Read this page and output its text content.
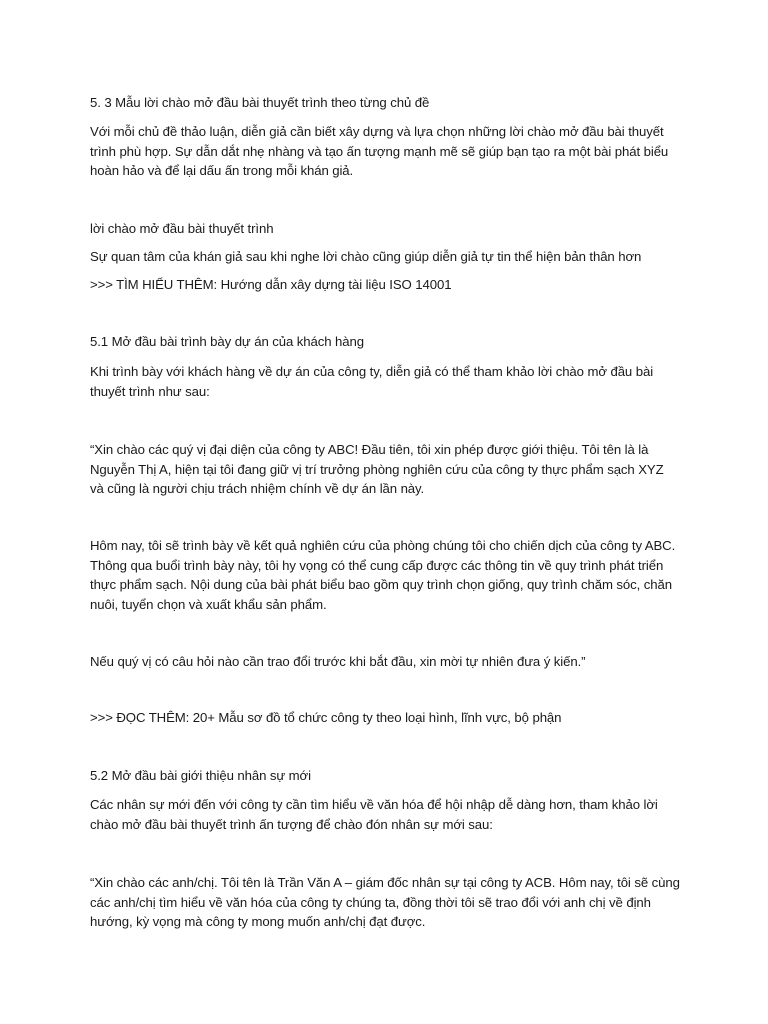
5. 3 Mẫu lời chào mở đầu bài thuyết trình theo từng chủ đề

Với mỗi chủ đề thảo luận, diễn giả cần biết xây dựng và lựa chọn những lời chào mở đầu bài thuyết trình phù hợp. Sự dẫn dắt nhẹ nhàng và tạo ấn tượng mạnh mẽ sẽ giúp bạn tạo ra một bài phát biểu hoàn hảo và để lại dấu ấn trong mỗi khán giả.

lời chào mở đầu bài thuyết trình

Sự quan tâm của khán giả sau khi nghe lời chào cũng giúp diễn giả tự tin thể hiện bản thân hơn

>>> TÌM HIỂU THÊM: Hướng dẫn xây dựng tài liệu ISO 14001

5.1 Mở đầu bài trình bày dự án của khách hàng

Khi trình bày với khách hàng về dự án của công ty, diễn giả có thể tham khảo lời chào mở đầu bài thuyết trình như sau:

“Xin chào các quý vị đại diện của công ty ABC! Đầu tiên, tôi xin phép được giới thiệu. Tôi tên là là Nguyễn Thị A, hiện tại tôi đang giữ vị trí trưởng phòng nghiên cứu của công ty thực phẩm sạch XYZ và cũng là người chịu trách nhiệm chính về dự án lần này.

Hôm nay, tôi sẽ trình bày về kết quả nghiên cứu của phòng chúng tôi cho chiến dịch của công ty ABC. Thông qua buổi trình bày này, tôi hy vọng có thể cung cấp được các thông tin về quy trình phát triển thực phẩm sạch. Nội dung của bài phát biểu bao gồm quy trình chọn giống, quy trình chăm sóc, chăn nuôi, tuyển chọn và xuất khẩu sản phẩm.

Nếu quý vị có câu hỏi nào cần trao đổi trước khi bắt đầu, xin mời tự nhiên đưa ý kiến.”

>>> ĐỌC THÊM: 20+ Mẫu sơ đồ tổ chức công ty theo loại hình, lĩnh vực, bộ phận

5.2 Mở đầu bài giới thiệu nhân sự mới

Các nhân sự mới đến với công ty cần tìm hiểu về văn hóa để hội nhập dễ dàng hơn, tham khảo lời chào mở đầu bài thuyết trình ấn tượng để chào đón nhân sự mới sau:

“Xin chào các anh/chị. Tôi tên là Trần Văn A – giám đốc nhân sự tại công ty ACB. Hôm nay, tôi sẽ cùng các anh/chị tìm hiểu về văn hóa của công ty chúng ta, đồng thời tôi sẽ trao đổi với anh chị về định hướng, kỳ vọng mà công ty mong muốn anh/chị đạt được.
